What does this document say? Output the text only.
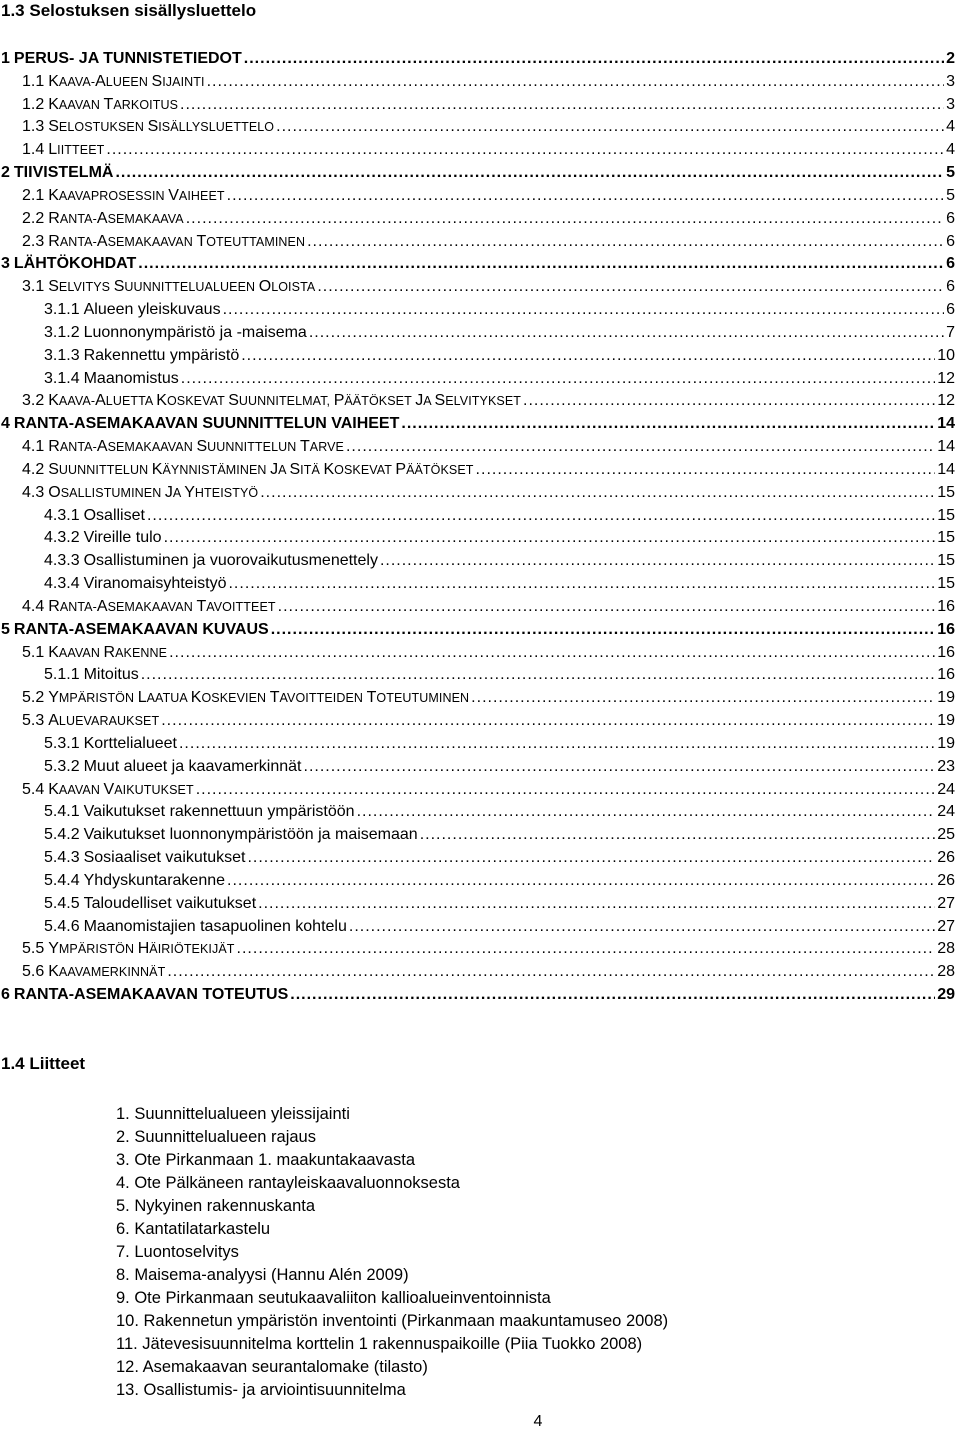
1.3 Selostuksen sisällysluettelo
1 PERUS- JA TUNNISTETIEDOT .....	2
1.1 KAAVA-ALUEEN SIJAINTI .....	3
1.2 KAAVAN TARKOITUS .....	3
1.3 SELOSTUKSEN SISÄLLYSLUETTELO .....	4
1.4 LIITTEET .....	4
2 TIIVISTELMÄ .....	5
2.1 KAAVAPROSESSIN VAIHEET .....	5
2.2 RANTA-ASEMAKAAVA .....	6
2.3 RANTA-ASEMAKAAVAN TOTEUTTAMINEN .....	6
3 LÄHTÖKOHDAT .....	6
3.1 SELVITYS SUUNNITTELUALUEEN OLOISTA .....	6
3.1.1 Alueen yleiskuvaus .....	6
3.1.2 Luonnonympäristö ja -maisema .....	7
3.1.3 Rakennettu ympäristö .....	10
3.1.4 Maanomistus .....	12
3.2 KAAVA-ALUETTA KOSKEVAT SUUNNITELMAT, PÄÄTÖKSET JA SELVITYKSET .....	12
4 RANTA-ASEMAKAAVAN SUUNNITTELUN VAIHEET .....	14
4.1 RANTA-ASEMAKAAVAN SUUNNITTELUN TARVE .....	14
4.2 SUUNNITTELUN KÄYNNISTÄMINEN JA SITÄ KOSKEVAT PÄÄTÖKSET .....	14
4.3 OSALLISTUMINEN JA YHTEISTYÖ .....	15
4.3.1 Osalliset .....	15
4.3.2 Vireille tulo .....	15
4.3.3 Osallistuminen ja vuorovaikutusmenettely .....	15
4.3.4 Viranomaisyhteistyö .....	15
4.4 RANTA-ASEMAKAAVAN TAVOITTEET .....	16
5 RANTA-ASEMAKAAVAN KUVAUS .....	16
5.1 KAAVAN RAKENNE .....	16
5.1.1 Mitoitus .....	16
5.2 YMPÄRISTÖN LAATUA KOSKEVIEN TAVOITTEIDEN TOTEUTUMINEN .....	19
5.3 ALUEVARAUKSET .....	19
5.3.1 Korttelialueet .....	19
5.3.2 Muut alueet ja kaavamerkinnät .....	23
5.4 KAAVAN VAIKUTUKSET .....	24
5.4.1 Vaikutukset rakennettuun ympäristöön .....	24
5.4.2 Vaikutukset luonnonympäristöön ja maisemaan .....	25
5.4.3 Sosiaaliset vaikutukset .....	26
5.4.4 Yhdyskuntarakenne .....	26
5.4.5 Taloudelliset vaikutukset .....	27
5.4.6 Maanomistajien tasapuolinen kohtelu .....	27
5.5 YMPÄRISTÖN HÄIRIÖTEKIJÄT .....	28
5.6 KAAVAMERKINNÄT .....	28
6 RANTA-ASEMAKAAVAN TOTEUTUS .....	29
1.4 Liitteet
1. Suunnittelualueen yleissijainti
2. Suunnittelualueen rajaus
3. Ote Pirkanmaan 1. maakuntakaavasta
4. Ote Pälkäneen rantayleiskaavaluonnoksesta
5. Nykyinen rakennuskanta
6. Kantatilatarkastelu
7. Luontoselvitys
8. Maisema-analyysi (Hannu Alén 2009)
9. Ote Pirkanmaan seutukaavaliiton kallioalueinventoinnista
10. Rakennetun ympäristön inventointi (Pirkanmaan maakuntamuseo 2008)
11. Jätevesisuunnitelma korttelin 1 rakennuspaikoille (Piia Tuokko 2008)
12. Asemakaavan seurantalomake (tilasto)
13. Osallistumis- ja arviointisuunnitelma
4
